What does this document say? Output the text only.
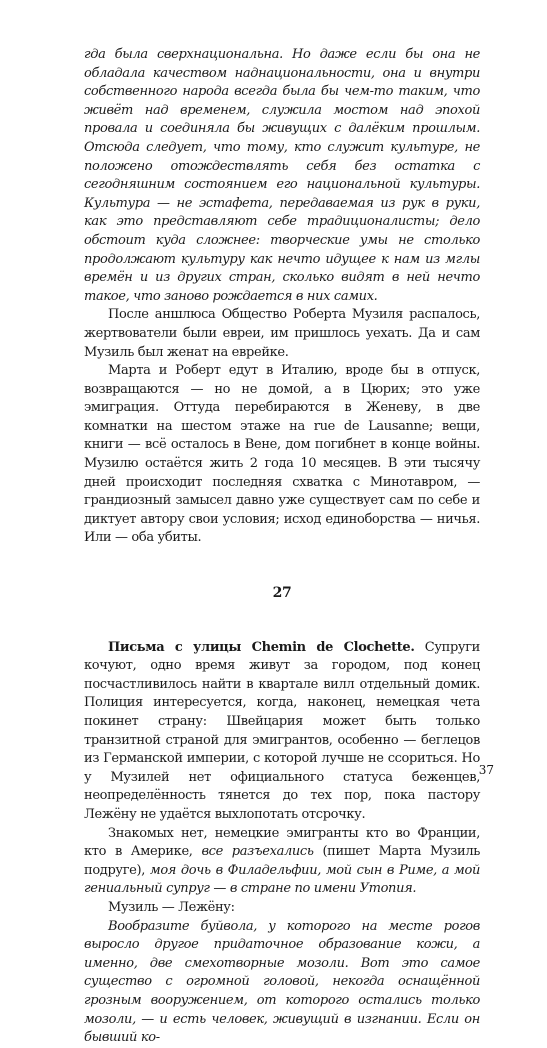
гда была сверхнациональна. Но даже если бы она не обладала качеством наднациональности, она и внутри собственного народа всегда была бы чем-то таким, что живёт над временем, служила мостом над эпохой провала и соединяла бы живущих с далёким прошлым. Отсюда следует, что тому, кто служит культуре, не положено отождествлять себя без остатка с сегодняшним состоянием его национальной культуры. Культура — не эстафета, передаваемая из рук в руки, как это представляют себе традиционалисты; дело обстоит куда сложнее: творческие умы не столько продолжают культуру как нечто идущее к нам из мглы времён и из других стран, сколько видят в ней нечто такое, что заново рождается в них самих.

После аншлюса Общество Роберта Музиля распалось, жертвователи были евреи, им пришлось уехать. Да и сам Музиль был женат на еврейке.

Марта и Роберт едут в Италию, вроде бы в отпуск, возвращаются — но не домой, а в Цюрих; это уже эмиграция. Оттуда перебираются в Женеву, в две комнатки на шестом этаже на rue de Lausanne; вещи, книги — всё осталось в Вене, дом погибнет в конце войны. Музилю остаётся жить 2 года 10 месяцев. В эти тысячу дней происходит последняя схватка с Минотавром, — грандиозный замысел давно уже существует сам по себе и диктует автору свои условия; исход единоборства — ничья. Или — оба убиты.

27

Письма с улицы Chemin de Clochette. Супруги кочуют, одно время живут за городом, под конец посчастливилось найти в квартале вилл отдельный домик. Полиция интересуется, когда, наконец, немецкая чета покинет страну: Швейцария может быть только транзитной страной для эмигрантов, особенно — беглецов из Германской империи, с которой лучше не ссориться. Но у Музилей нет официального статуса беженцев, неопределённость тянется до тех пор, пока пастору Лежёну не удаётся выхлопотать отсрочку.

Знакомых нет, немецкие эмигранты кто во Франции, кто в Америке, все разъехались (пишет Марта Музиль подруге), моя дочь в Филадельфии, мой сын в Риме, а мой гениальный супруг — в стране по имени Утопия.

Музиль — Лежёну:

Вообразите буйвола, у которого на месте рогов выросло другое придаточное образование кожи, а именно, две смехотворные мозоли. Вот это самое существо с огромной головой, некогда оснащённой грозным вооружением, от которого остались только мозоли, — и есть человек, живущий в изгнании. Если он бывший ко-

37
